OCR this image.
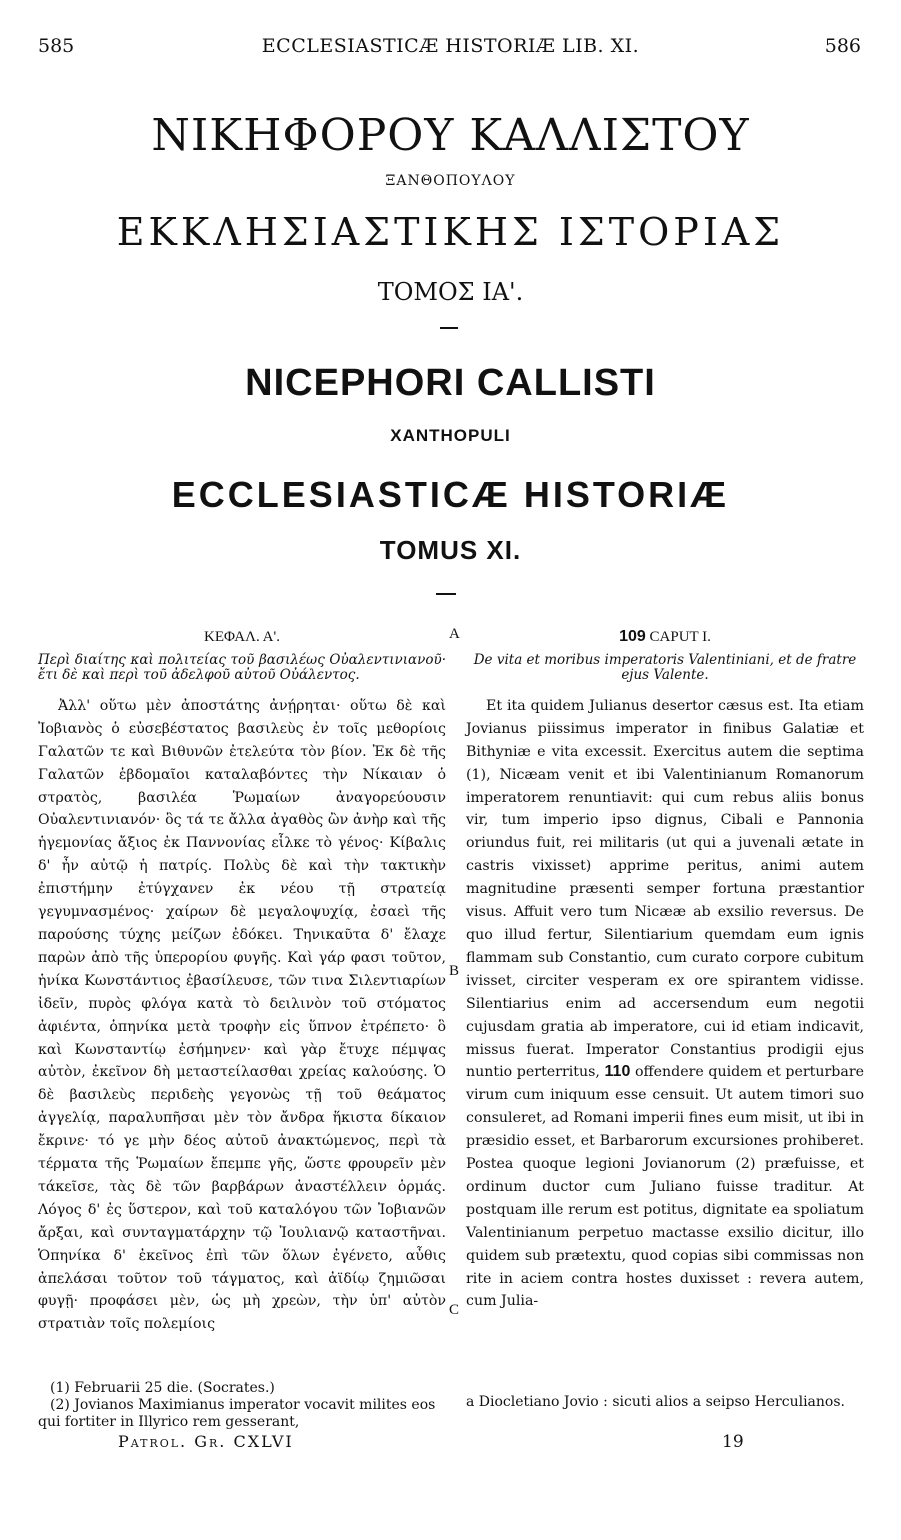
585	ECCLESIASTICÆ HISTORIÆ LIB. XI.	586
ΝΙΚΗΦΟΡΟΥ ΚΑΛΛΙΣΤΟΥ
ΞΑΝΘΟΠΟΥΛΟΥ
ΕΚΚΛΗΣΙΑΣΤΙΚΗΣ ΙΣΤΟΡΙΑΣ
ΤΟΜΟΣ ΙΑ'.
NICEPHORI CALLISTI
XANTHOPULI
ECCLESIASTICÆ HISTORIÆ
TOMUS XI.
ΚΕΦΑΛ. Α'.
Περὶ διαίτης καὶ πολιτείας τοῦ βασιλέως Οὐαλεντινιανοῦ· ἔτι δὲ καὶ περὶ τοῦ ἀδελφοῦ αὐτοῦ Οὐάλεντος.

Ἀλλ' οὕτω μὲν ἀποστάτης ἀνῄρηται· οὕτω δὲ καὶ Ἰοβιανὸς ὁ εὐσεβέστατος βασιλεὺς ἐν τοῖς μεθορίοις Γαλατῶν τε καὶ Βιθυνῶν ἐτελεύτα τὸν βίον. Ἐκ δὲ τῆς Γαλατῶν ἑβδομαῖοι καταλαβόντες τὴν Νίκαιαν ὁ στρατὸς, βασιλέα Ῥωμαίων ἀναγορεύουσιν Οὐαλεντινιανόν· ὃς τά τε ἄλλα ἀγαθὸς ὢν ἀνὴρ καὶ τῆς ἡγεμονίας ἄξιος ἐκ Παννονίας εἷλκε τὸ γένος· Κίβαλις δ' ἦν αὐτῷ ἡ πατρίς. Πολὺς δὲ καὶ τὴν τακτικὴν ἐπιστήμην ἐτύγχανεν ἐκ νέου τῇ στρατείᾳ γεγυμνασμένος· χαίρων δὲ μεγαλοψυχίᾳ, ἐσαεὶ τῆς παρούσης τύχης μείζων ἐδόκει. Τηνικαῦτα δ' ἔλαχε παρὼν ἀπὸ τῆς ὑπερορίου φυγῆς. Καὶ γάρ φασι τοῦτον, ἡνίκα Κωνστάντιος ἐβασίλευσε, τῶν τινα Σιλεντιαρίων ἰδεῖν, πυρὸς φλόγα κατὰ τὸ δειλινὸν τοῦ στόματος ἀφιέντα, ὁπηνίκα μετὰ τροφὴν εἰς ὕπνον ἐτρέπετο· ὃ καὶ Κωνσταντίῳ ἐσήμηνεν· καὶ γὰρ ἔτυχε πέμψας αὐτὸν, ἐκεῖνον δὴ μεταστείλασθαι χρείας καλούσης. Ὁ δὲ βασιλεὺς περιδεὴς γεγονὼς τῇ τοῦ θεάματος ἀγγελίᾳ, παραλυπῆσαι μὲν τὸν ἄνδρα ἥκιστα δίκαιον ἔκρινε· τό γε μὴν δέος αὐτοῦ ἀνακτώμενος, περὶ τὰ τέρματα τῆς Ῥωμαίων ἔπεμπε γῆς, ὥστε φρουρεῖν μὲν τάκεῖσε, τὰς δὲ τῶν βαρβάρων ἀναστέλλειν ὁρμάς. Λόγος δ' ἐς ὕστερον, καὶ τοῦ καταλόγου τῶν Ἰοβιανῶν ἄρξαι, καὶ συνταγματάρχην τῷ Ἰουλιανῷ καταστῆναι. Ὁπηνίκα δ' ἐκεῖνος ἐπὶ τῶν ὅλων ἐγένετο, αὖθις ἀπελάσαι τοῦτον τοῦ τάγματος, καὶ ἀϊδίῳ ζημιῶσαι φυγῇ· προφάσει μὲν, ὡς μὴ χρεὼν, τὴν ὑπ' αὐτὸν στρατιὰν τοῖς πολεμίοις

A
B
C
109 CAPUT I.
De vita et moribus imperatoris Valentiniani, et de fratre ejus Valente.

Et ita quidem Julianus desertor cæsus est. Ita etiam Jovianus piissimus imperator in finibus Galatiæ et Bithyniæ e vita excessit. Exercitus autem die septima (1), Nicæam venit et ibi Valentinianum Romanorum imperatorem renuntiavit: qui cum rebus aliis bonus vir, tum imperio ipso dignus, Cibali e Pannonia oriundus fuit, rei militaris (ut qui a juvenali ætate in castris vixisset) apprime peritus, animi autem magnitudine præsenti semper fortuna præstantior visus. Affuit vero tum Nicææ ab exsilio reversus. De quo illud fertur, Silentiarium quemdam eum ignis flammam sub Constantio, cum curato corpore cubitum ivisset, circiter vesperam ex ore spirantem vidisse. Silentiarius enim ad accersendum eum negotii cujusdam gratia ab imperatore, cui id etiam indicavit, missus fuerat. Imperator Constantius prodigii ejus nuntio perterritus, 110 offendere quidem et perturbare virum cum iniquum esse censuit. Ut autem timori suo consuleret, ad Romani imperii fines eum misit, ut ibi in præsidio esset, et Barbarorum excursiones prohiberet. Postea quoque legioni Jovianorum (2) præfuisse, et ordinum ductor cum Juliano fuisse traditur. At postquam ille rerum est potitus, dignitate ea spoliatum Valentinianum perpetuo mactasse exsilio dicitur, illo quidem sub prætextu, quod copias sibi commissas non rite in aciem contra hostes duxisset : revera autem, cum Julia-

(1) Februarii 25 die. (Socrates.)

(2) Jovianos Maximianus imperator vocavit milites eos qui fortiter in Illyrico rem gesserant,

a Diocletiano Jovio : sicuti alios a seipso Herculianos.

Patrol. Gr. CXLVI	19
